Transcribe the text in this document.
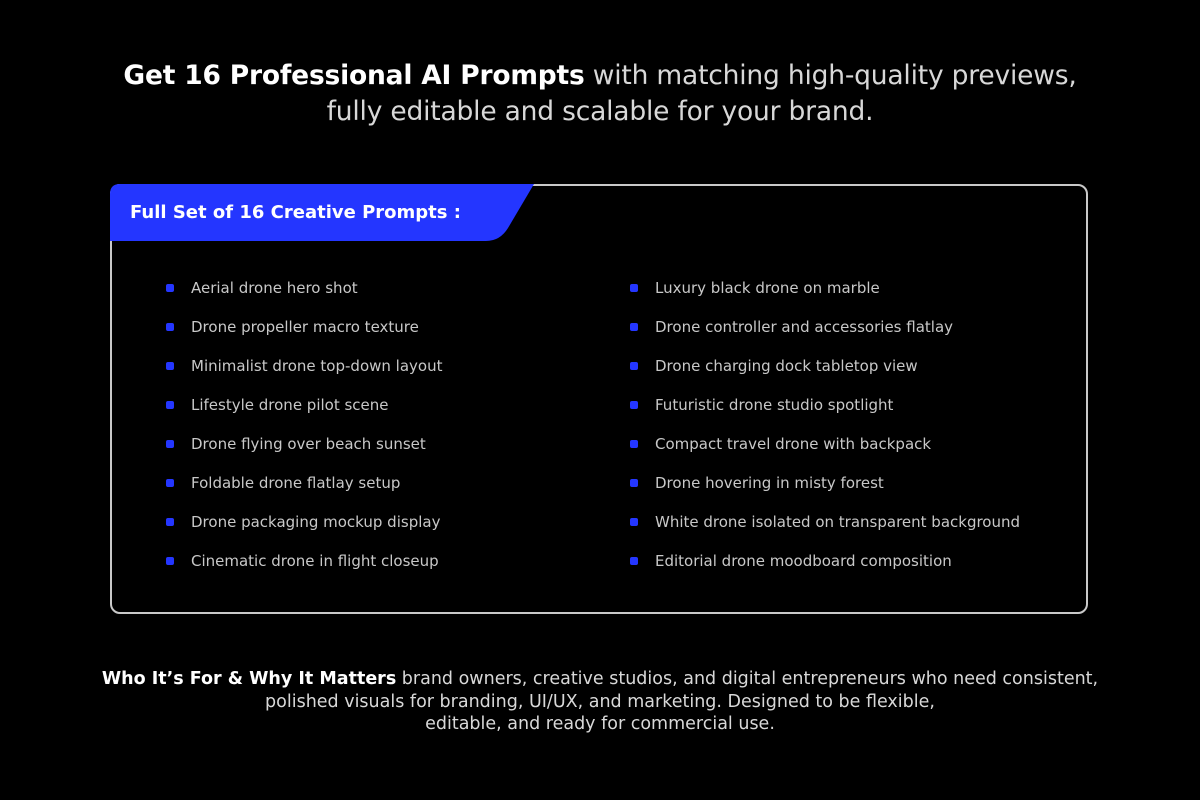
Get 16 Professional AI Prompts with matching high-quality previews,
fully editable and scalable for your brand.
Full Set of 16 Creative Prompts :
Aerial drone hero shot
Drone propeller macro texture
Minimalist drone top-down layout
Lifestyle drone pilot scene
Drone flying over beach sunset
Foldable drone flatlay setup
Drone packaging mockup display
Cinematic drone in flight closeup
Luxury black drone on marble
Drone controller and accessories flatlay
Drone charging dock tabletop view
Futuristic drone studio spotlight
Compact travel drone with backpack
Drone hovering in misty forest
White drone isolated on transparent background
Editorial drone moodboard composition
Who It’s For & Why It Matters brand owners, creative studios, and digital entrepreneurs who need consistent,
polished visuals for branding, UI/UX, and marketing. Designed to be flexible,
editable, and ready for commercial use.
